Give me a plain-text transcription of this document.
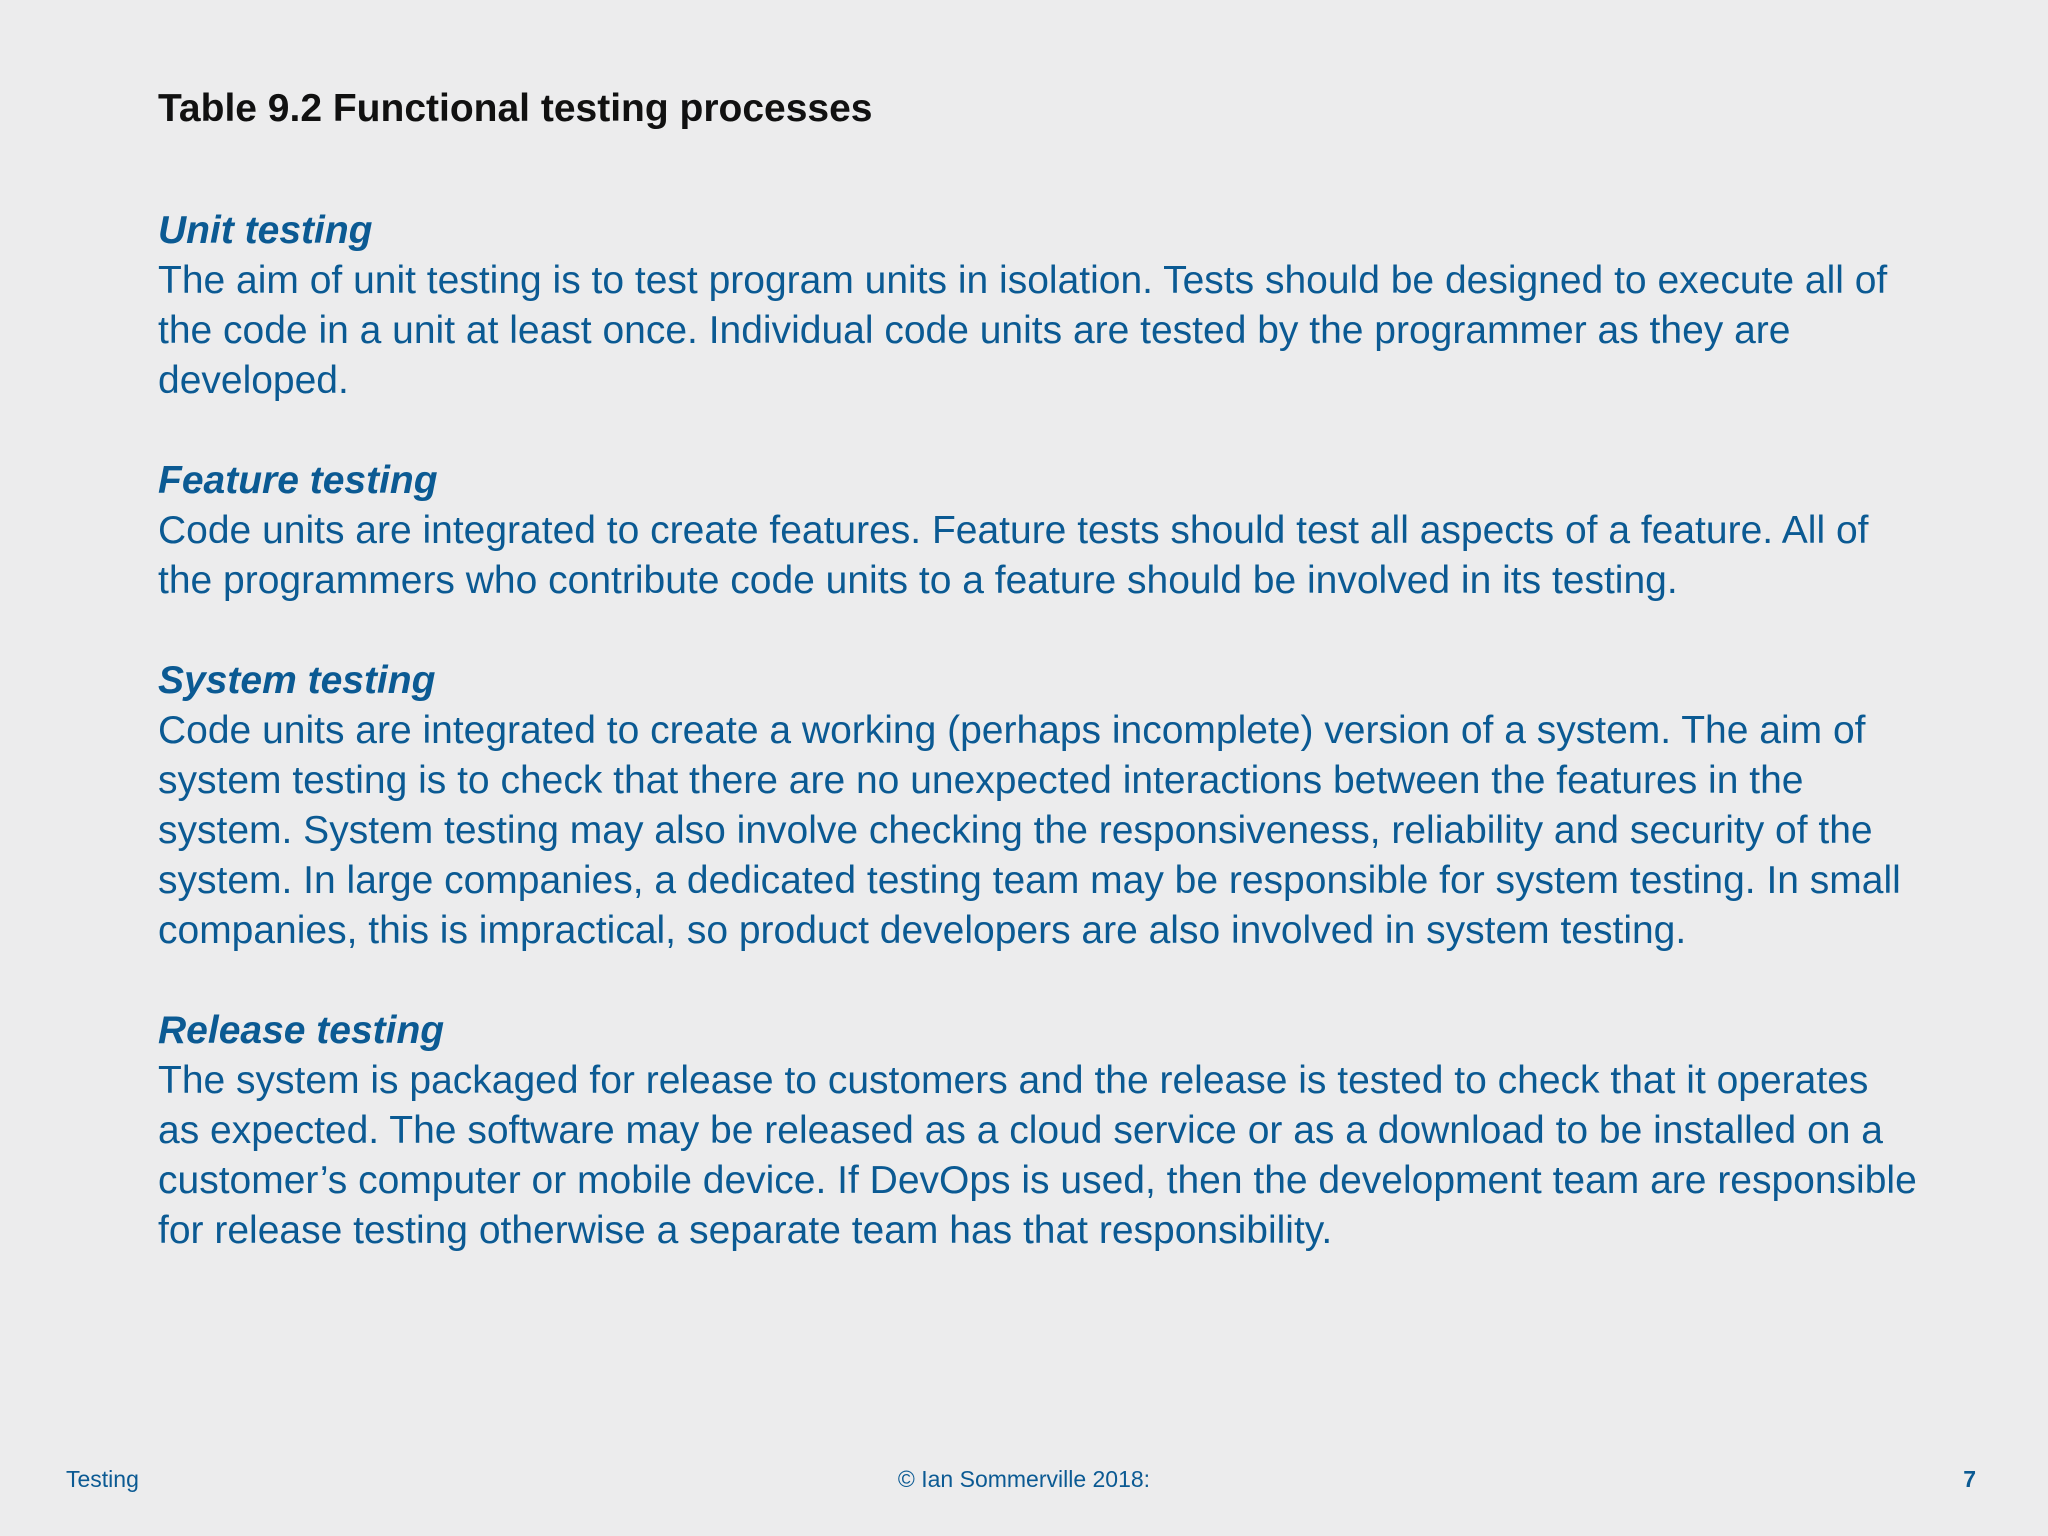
Table 9.2 Functional testing processes

Unit testing

The aim of unit testing is to test program units in isolation. Tests should be designed to execute all of the code in a unit at least once. Individual code units are tested by the programmer as they are developed.

Feature testing

Code units are integrated to create features. Feature tests should test all aspects of a feature. All of the programmers who contribute code units to a feature should be involved in its testing.

System testing

Code units are integrated to create a working (perhaps incomplete) version of a system. The aim of system testing is to check that there are no unexpected interactions between the features in the system. System testing may also involve checking the responsiveness, reliability and security of the system. In large companies, a dedicated testing team may be responsible for system testing. In small companies, this is impractical, so product developers are also involved in system testing.

Release testing

The system is packaged for release to customers and the release is tested to check that it operates as expected. The software may be released as a cloud service or as a download to be installed on a customer’s computer or mobile device. If DevOps is used, then the development team are responsible for release testing otherwise a separate team has that responsibility.

© Ian Sommerville 2018:
Testing	7
